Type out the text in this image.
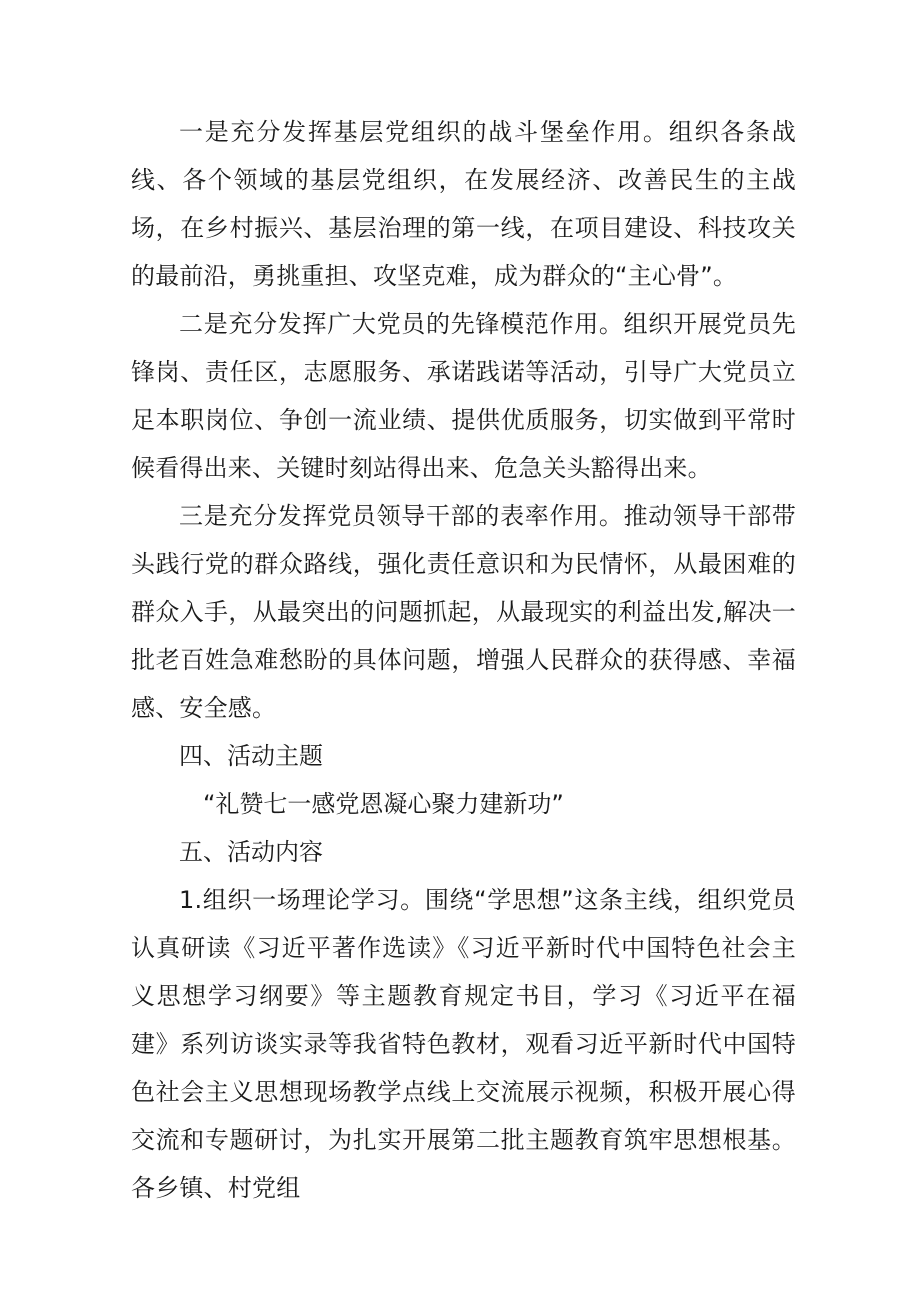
一是充分发挥基层党组织的战斗堡垒作用。组织各条战线、各个领域的基层党组织，在发展经济、改善民生的主战场，在乡村振兴、基层治理的第一线，在项目建设、科技攻关的最前沿，勇挑重担、攻坚克难，成为群众的“主心骨”。

二是充分发挥广大党员的先锋模范作用。组织开展党员先锋岗、责任区，志愿服务、承诺践诺等活动，引导广大党员立足本职岗位、争创一流业绩、提供优质服务，切实做到平常时候看得出来、关键时刻站得出来、危急关头豁得出来。

三是充分发挥党员领导干部的表率作用。推动领导干部带头践行党的群众路线，强化责任意识和为民情怀，从最困难的群众入手，从最突出的问题抓起，从最现实的利益出发,解决一批老百姓急难愁盼的具体问题，增强人民群众的获得感、幸福感、安全感。

四、活动主题

“礼赞七一感党恩凝心聚力建新功”

五、活动内容

1.组织一场理论学习。围绕“学思想”这条主线，组织党员认真研读《习近平著作选读》《习近平新时代中国特色社会主义思想学习纲要》等主题教育规定书目，学习《习近平在福建》系列访谈实录等我省特色教材，观看习近平新时代中国特色社会主义思想现场教学点线上交流展示视频，积极开展心得交流和专题研讨，为扎实开展第二批主题教育筑牢思想根基。各乡镇、村党组
